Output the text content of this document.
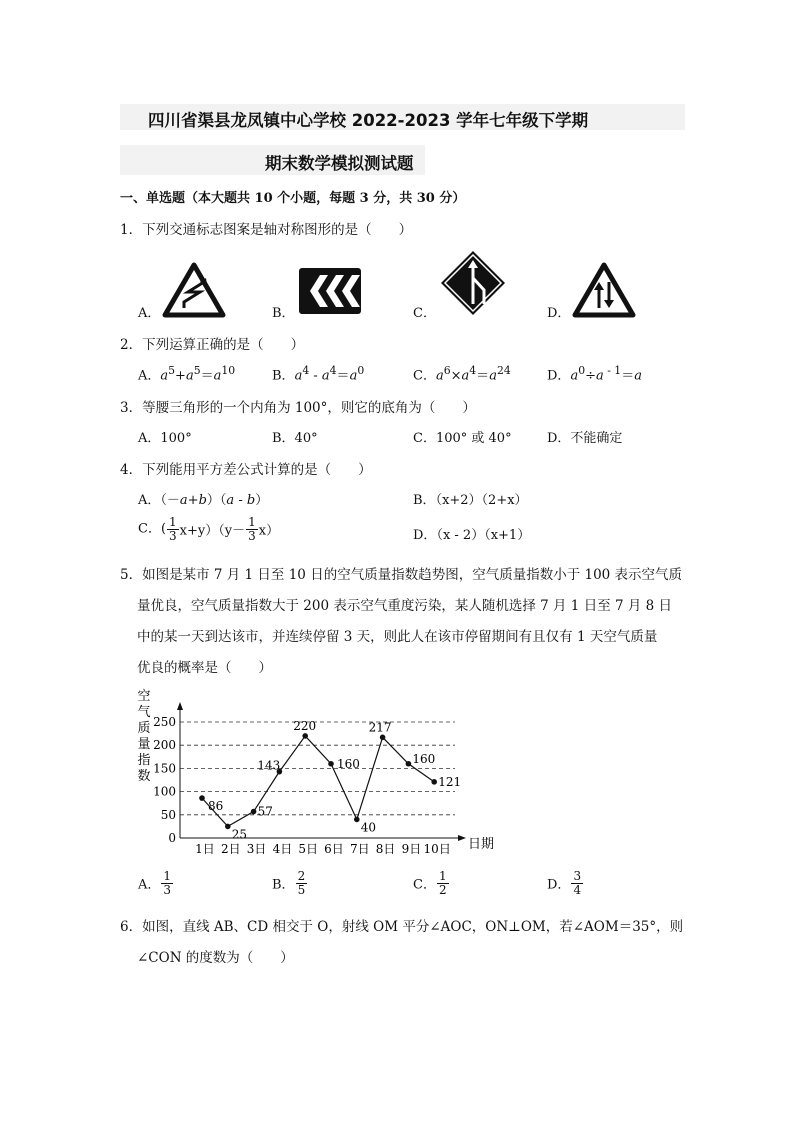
四川省渠县龙凤镇中心学校 2022-2023 学年七年级下学期
期末数学模拟测试题
一、单选题（本大题共 10 个小题，每题 3 分，共 30 分）
1．下列交通标志图案是轴对称图形的是（　　）
A．	B．	C．	D．
2．下列运算正确的是（　　）
A．$a^5+a^5=a^{10}$	B．$a^4 - a^4=a^0$	C．$a^6\times a^4=a^{24}$	D．$a^0\div a$ $^{- 1}$＝a
3．等腰三角形的一个内角为 100°，则它的底角为（　　）
A．100°	B．40°	C．100° 或 40°	D．不能确定
4．下列能用平方差公式计算的是（　　）
A．（－a+b）（a - b）	B．（x+2）（2+x）
C．( $\frac{1}{3} x+y)(y- \frac{1}{3} x)$	D．（x - 2）（x+1）
5．如图是某市 7 月 1 日至 10 日的空气质量指数趋势图，空气质量指数小于 100 表示空气质
量优良，空气质量指数大于 200 表示空气重度污染，某人随机选择 7 月 1 日至 7 月 8 日
中的某一天到达该市，并连续停留 3 天，则此人在该市停留期间有且仅有 1 天空气质量
优良的概率是（　　）
空
气
质
量
指
数
日期
0
50
100
150
200
250
1日 2日 3日 4日 5日 6日 7日 8日 9日 10日
86
25
57
143
220
160
40
217
160
121
A． $\frac{1}{3}$	B． $\frac{2}{5}$	C． $\frac{1}{2}$	D． $\frac{3}{4}$
6．如图，直线 AB、CD 相交于 O，射线 OM 平分∠AOC，ON⊥OM，若∠AOM＝35°，则
∠CON 的度数为（　　）
